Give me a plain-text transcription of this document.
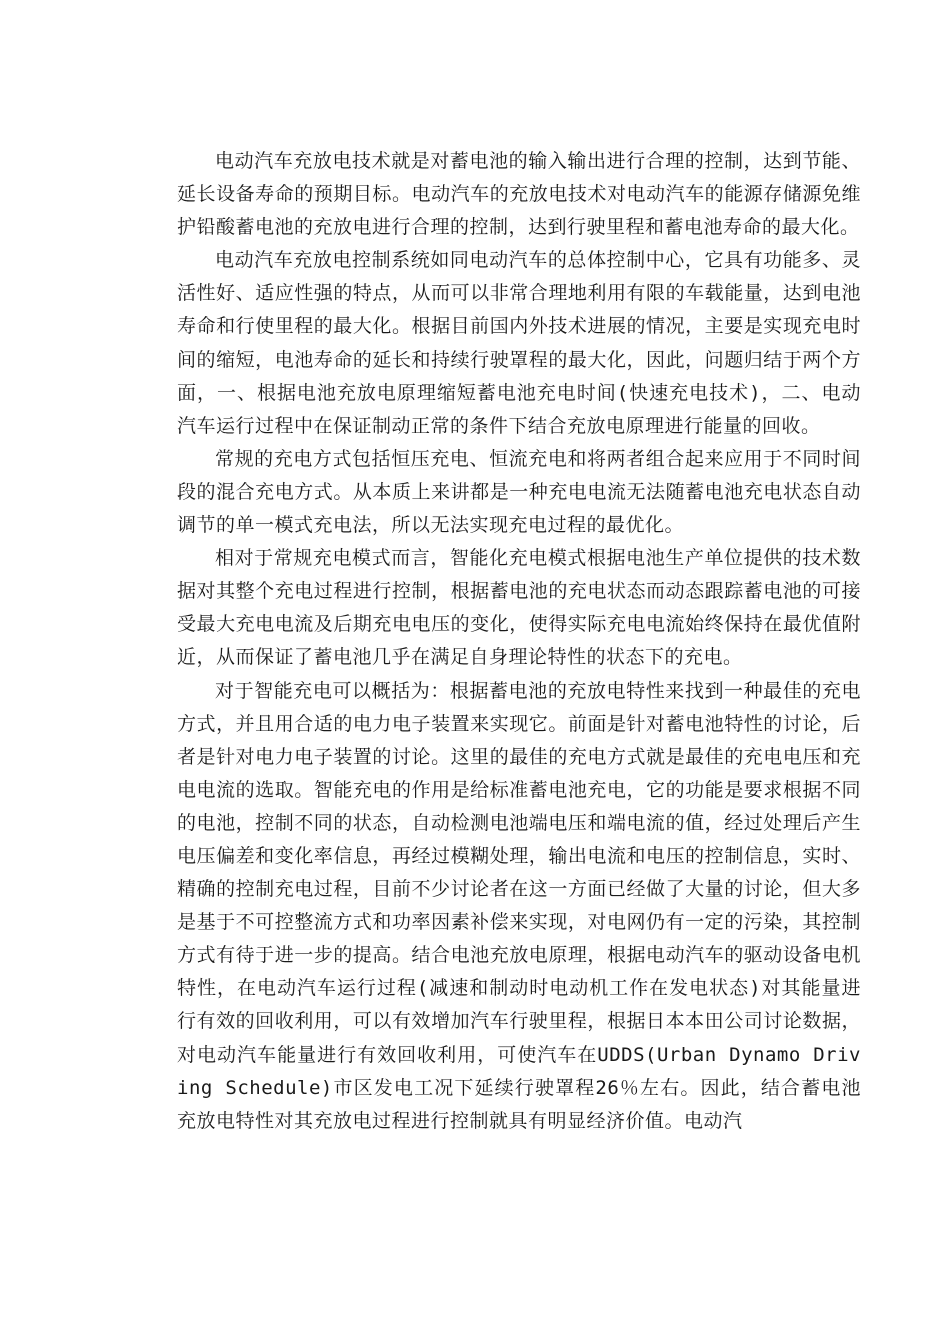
电动汽车充放电技术就是对蓄电池的输入输出进行合理的控制，达到节能、延长设备寿命的预期目标。电动汽车的充放电技术对电动汽车的能源存储源免维护铅酸蓄电池的充放电进行合理的控制，达到行驶里程和蓄电池寿命的最大化。

电动汽车充放电控制系统如同电动汽车的总体控制中心，它具有功能多、灵活性好、适应性强的特点，从而可以非常合理地利用有限的车载能量，达到电池寿命和行使里程的最大化。根据目前国内外技术进展的情况，主要是实现充电时间的缩短，电池寿命的延长和持续行驶罩程的最大化，因此，问题归结于两个方面，一、根据电池充放电原理缩短蓄电池充电时间(快速充电技术)，二、电动汽车运行过程中在保证制动正常的条件下结合充放电原理进行能量的回收。

常规的充电方式包括恒压充电、恒流充电和将两者组合起来应用于不同时间段的混合充电方式。从本质上来讲都是一种充电电流无法随蓄电池充电状态自动调节的单一模式充电法，所以无法实现充电过程的最优化。

相对于常规充电模式而言，智能化充电模式根据电池生产单位提供的技术数据对其整个充电过程进行控制，根据蓄电池的充电状态而动态跟踪蓄电池的可接受最大充电电流及后期充电电压的变化，使得实际充电电流始终保持在最优值附近，从而保证了蓄电池几乎在满足自身理论特性的状态下的充电。

对于智能充电可以概括为：根据蓄电池的充放电特性来找到一种最佳的充电方式，并且用合适的电力电子装置来实现它。前面是针对蓄电池特性的讨论，后者是针对电力电子装置的讨论。这里的最佳的充电方式就是最佳的充电电压和充电电流的选取。智能充电的作用是给标准蓄电池充电，它的功能是要求根据不同的电池，控制不同的状态，自动检测电池端电压和端电流的值，经过处理后产生电压偏差和变化率信息，再经过模糊处理，输出电流和电压的控制信息，实时、精确的控制充电过程，目前不少讨论者在这一方面已经做了大量的讨论，但大多是基于不可控整流方式和功率因素补偿来实现，对电网仍有一定的污染，其控制方式有待于进一步的提高。结合电池充放电原理，根据电动汽车的驱动设备电机特性，在电动汽车运行过程(减速和制动时电动机工作在发电状态)对其能量进行有效的回收利用，可以有效增加汽车行驶里程，根据日本本田公司讨论数据，对电动汽车能量进行有效回收利用，可使汽车在UDDS(Urban Dynamo Driving Schedule)市区发电工况下延续行驶罩程26％左右。因此，结合蓄电池充放电特性对其充放电过程进行控制就具有明显经济价值。电动汽
